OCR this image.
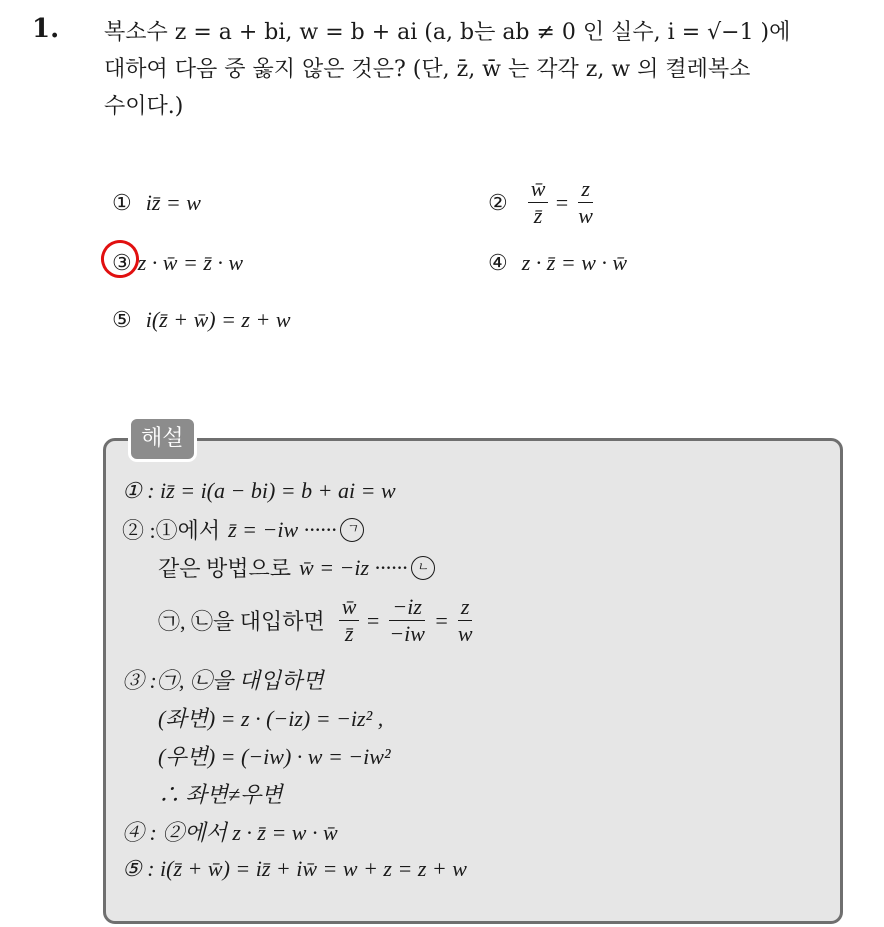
1. 복소수 z = a + bi, w = b + ai (a, b는 ab ≠ 0 인 실수, i = √−1 )에
대하여 다음 중 옳지 않은 것은? (단, z̄, w̄ 는 각각 z, w 의 켤레복소
수이다.)
① iz̄ = w	② $\frac{w̄}{z̄} = \frac{z}{w}$
③ z · w̄ = z̄ · w	④ z · z̄ = w · w̄
⑤ i(z̄ + w̄) = z + w
해설
① : iz̄ = i(a − bi) = b + ai = w
② :①에서 z̄ = −iw ······ ㄱ
같은 방법으로 w̄ = −iz ······ ㄴ
㉠, ㉡을 대입하면 $\frac{w̄}{z̄} = \frac{-iz}{-iw} = \frac{z}{w}$
③ :㉠, ㉡을 대입하면
(좌변) = z · (−iz) = −iz² ,
(우변) = (−iw) · w = −iw²
∴ 좌변≠우변
④ : ②에서 z · z̄ = w · w̄
⑤ : i(z̄ + w̄) = iz̄ + iw̄ = w + z = z + w
